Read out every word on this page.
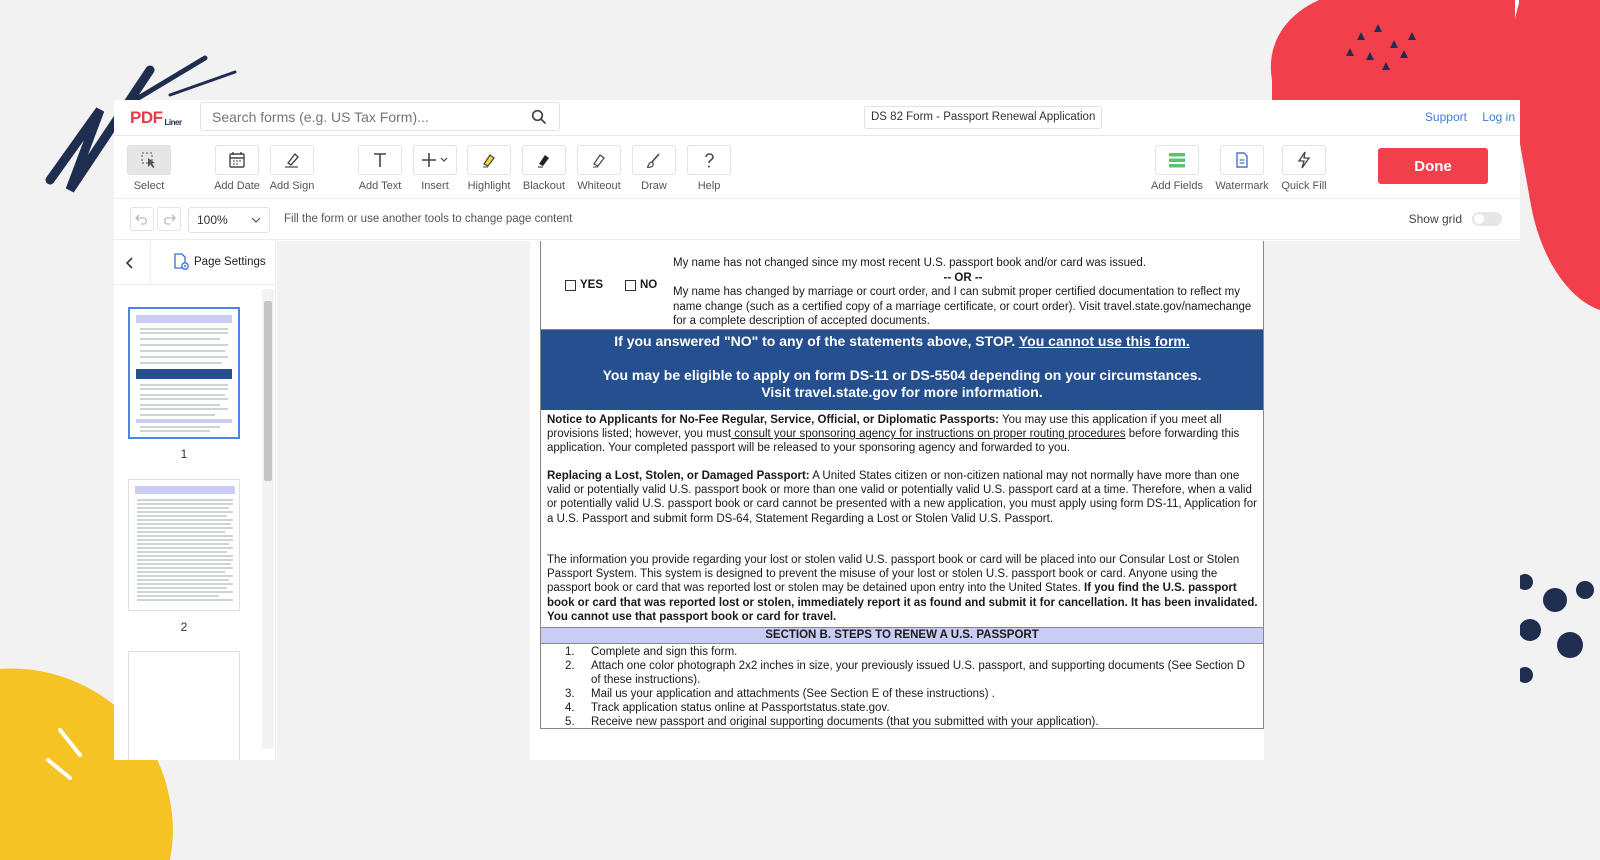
PDF Liner
Search forms (e.g. US Tax Form)...	DS 82 Form - Passport Renewal Application	Support Log in
Select	Add Date Add Sign	Add Text	Insert	Highlight	Blackout	Whiteout	Draw	Help	Add Fields Watermark	Quick Fill
Done
100%	Fill the form or use another tools to change page content	Show grid
Page Settings
1
2
YES	NO
My name has not changed since my most recent U.S. passport book and/or card was issued.
-- OR --
My name has changed by marriage or court order, and I can submit proper certified documentation to reflect my name change (such as a certified copy of a marriage certificate, or court order). Visit travel.state.gov/namechange for a complete description of accepted documents.
If you answered "NO" to any of the statements above, STOP. You cannot use this form.
You may be eligible to apply on form DS-11 or DS-5504 depending on your circumstances.
Visit travel.state.gov for more information.
Notice to Applicants for No-Fee Regular, Service, Official, or Diplomatic Passports: You may use this application if you meet all provisions listed; however, you must consult your sponsoring agency for instructions on proper routing procedures before forwarding this application. Your completed passport will be released to your sponsoring agency and forwarded to you.
Replacing a Lost, Stolen, or Damaged Passport: A United States citizen or non-citizen national may not normally have more than one valid or potentially valid U.S. passport book or more than one valid or potentially valid U.S. passport card at a time. Therefore, when a valid or potentially valid U.S. passport book or card cannot be presented with a new application, you must apply using form DS-11, Application for a U.S. Passport and submit form DS-64, Statement Regarding a Lost or Stolen Valid U.S. Passport.
The information you provide regarding your lost or stolen valid U.S. passport book or card will be placed into our Consular Lost or Stolen Passport System. This system is designed to prevent the misuse of your lost or stolen U.S. passport book or card. Anyone using the passport book or card that was reported lost or stolen may be detained upon entry into the United States. If you find the U.S. passport book or card that was reported lost or stolen, immediately report it as found and submit it for cancellation. It has been invalidated. You cannot use that passport book or card for travel.
SECTION B. STEPS TO RENEW A U.S. PASSPORT
1.	Complete and sign this form.
2.	Attach one color photograph 2x2 inches in size, your previously issued U.S. passport, and supporting documents (See Section D of these instructions).
3.	Mail us your application and attachments (See Section E of these instructions) .
4.	Track application status online at Passportstatus.state.gov.
5.	Receive new passport and original supporting documents (that you submitted with your application).
